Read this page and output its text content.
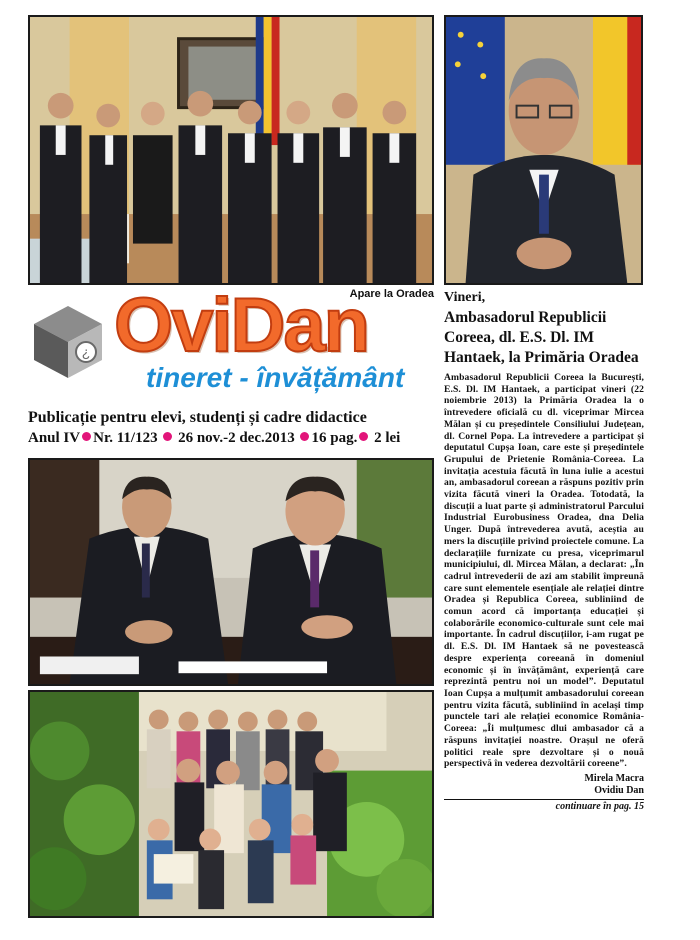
¿
Apare la Oradea
OviDan
tineret - învățământ
Publicație pentru elevi, studenți și cadre didactice
Anul IV Nr. 11/123 26 nov.-2 dec.2013 16 pag. 2 lei
Vineri,
Ambasadorul Republicii Coreea, dl. E.S. Dl. IM Hantaek, la Primăria Oradea

Ambasadorul Republicii Coreea la București, E.S. Dl. IM Hantaek, a participat vineri (22 noiembrie 2013) la Primăria Oradea la o întrevedere oficială cu dl. viceprimar Mircea Mălan și cu președintele Consiliului Județean, dl. Cornel Popa. La întrevedere a participat și deputatul Cupșa Ioan, care este și președintele Grupului de Prietenie România-Coreea. La invitația acestuia făcută în luna iulie a acestui an, ambasadorul coreean a răspuns pozitiv prin vizita făcută vineri la Oradea. Totodată, la discuții a luat parte și administratorul Parcului Industrial Eurobusiness Oradea, dna Delia Unger. După întrevederea avută, aceștia au mers la discuțiile privind proiectele comune. La declarațiile furnizate cu presa, viceprimarul municipiului, dl. Mircea Mălan, a declarat: „În cadrul întrevederii de azi am stabilit împreună care sunt elementele esențiale ale relației dintre Oradea și Republica Coreea, subliniind de comun acord că importanța educației și colaborările economico-culturale sunt cele mai importante. În cadrul discuțiilor, i-am rugat pe dl. E.S. Dl. IM Hantaek să ne povestească despre experiența coreeană în domeniul economic și în învățământ, experiență care reprezintă pentru noi un model”. Deputatul Ioan Cupșa a mulțumit ambasadorului coreean pentru vizita făcută, subliniind în același timp punctele tari ale relației economice România-Coreea: „Îi mulțumesc dlui ambasador că a răspuns invitației noastre. Orașul ne oferă politici reale spre dezvoltare și o nouă perspectivă în vederea dezvoltării coreene”.

Mirela Macra
Ovidiu Dan
continuare în pag. 15
